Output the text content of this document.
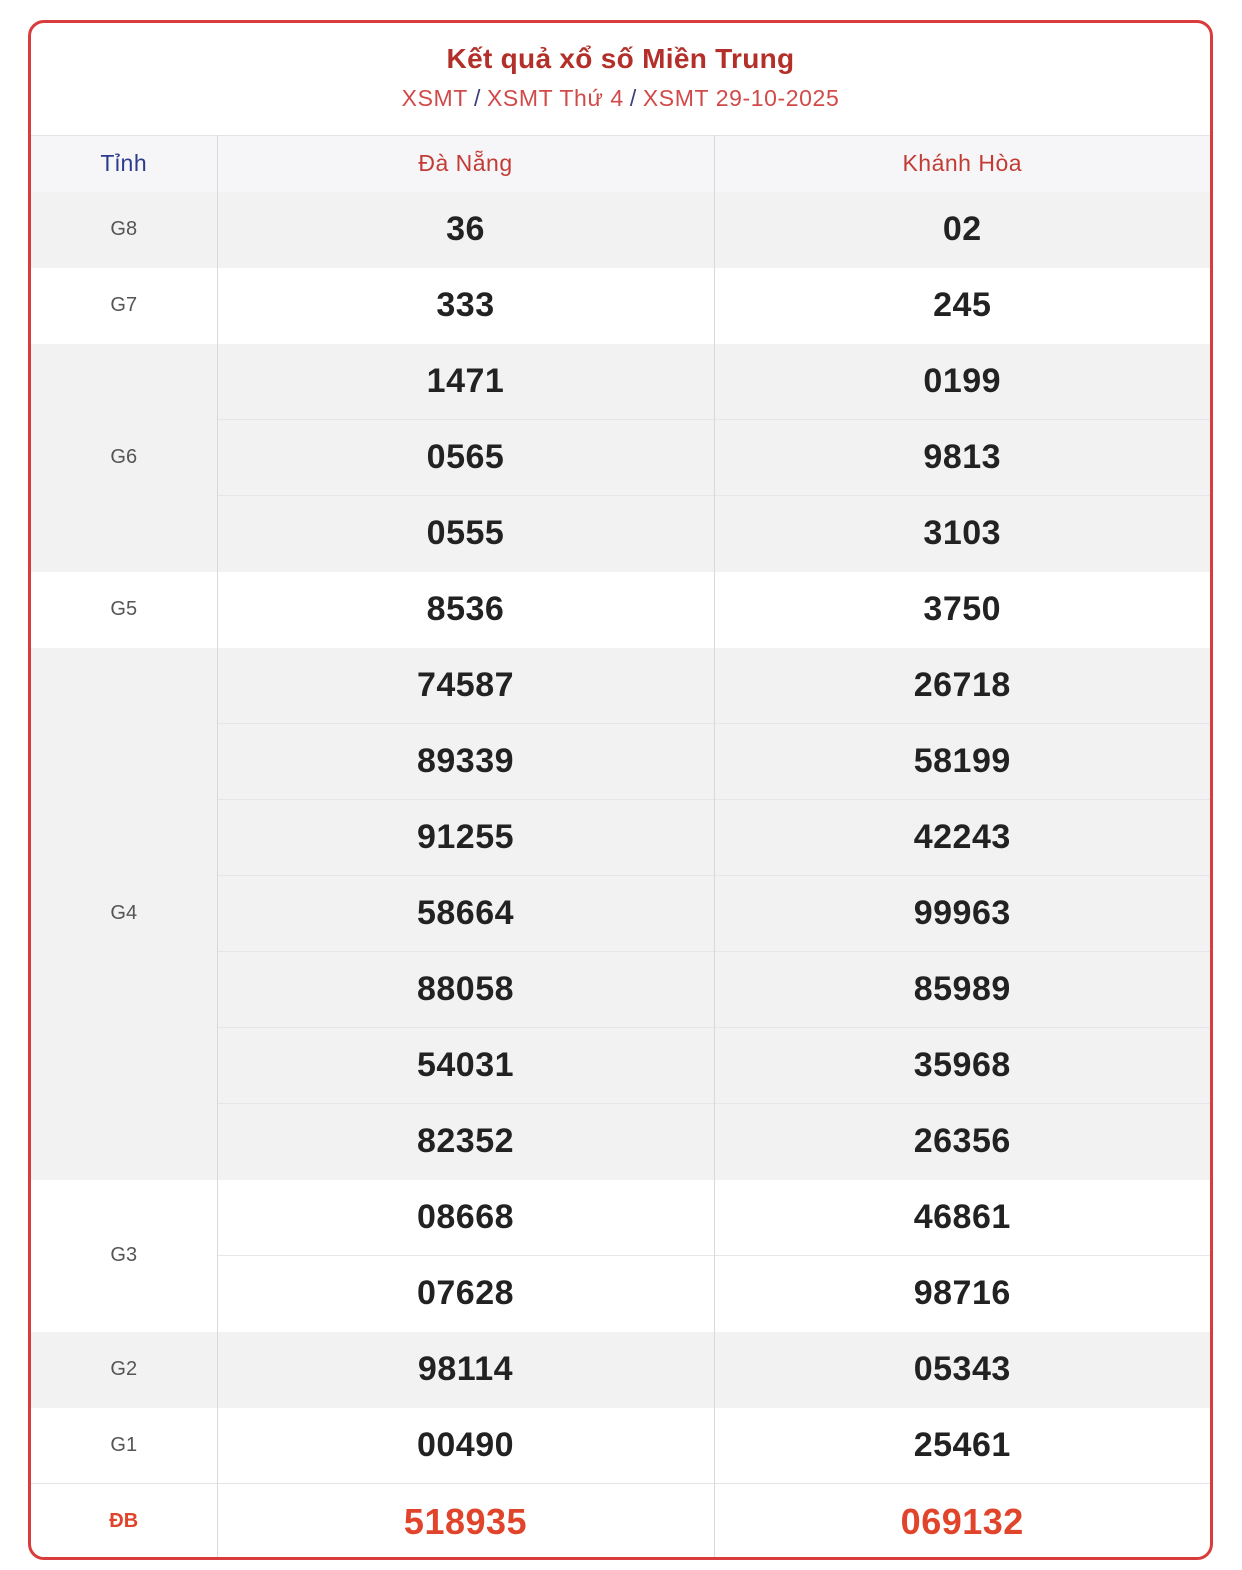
Kết quả xổ số Miền Trung
XSMT / XSMT Thứ 4 / XSMT 29-10-2025
Tỉnh	Đà Nẵng	Khánh Hòa
G8	36	02
G7	333	245
G6	1471	0199
	0565	9813
	0555	3103
G5	8536	3750
G4	74587	26718
	89339	58199
	91255	42243
	58664	99963
	88058	85989
	54031	35968
	82352	26356
G3	08668	46861
	07628	98716
G2	98114	05343
G1	00490	25461
ĐB	518935	069132
